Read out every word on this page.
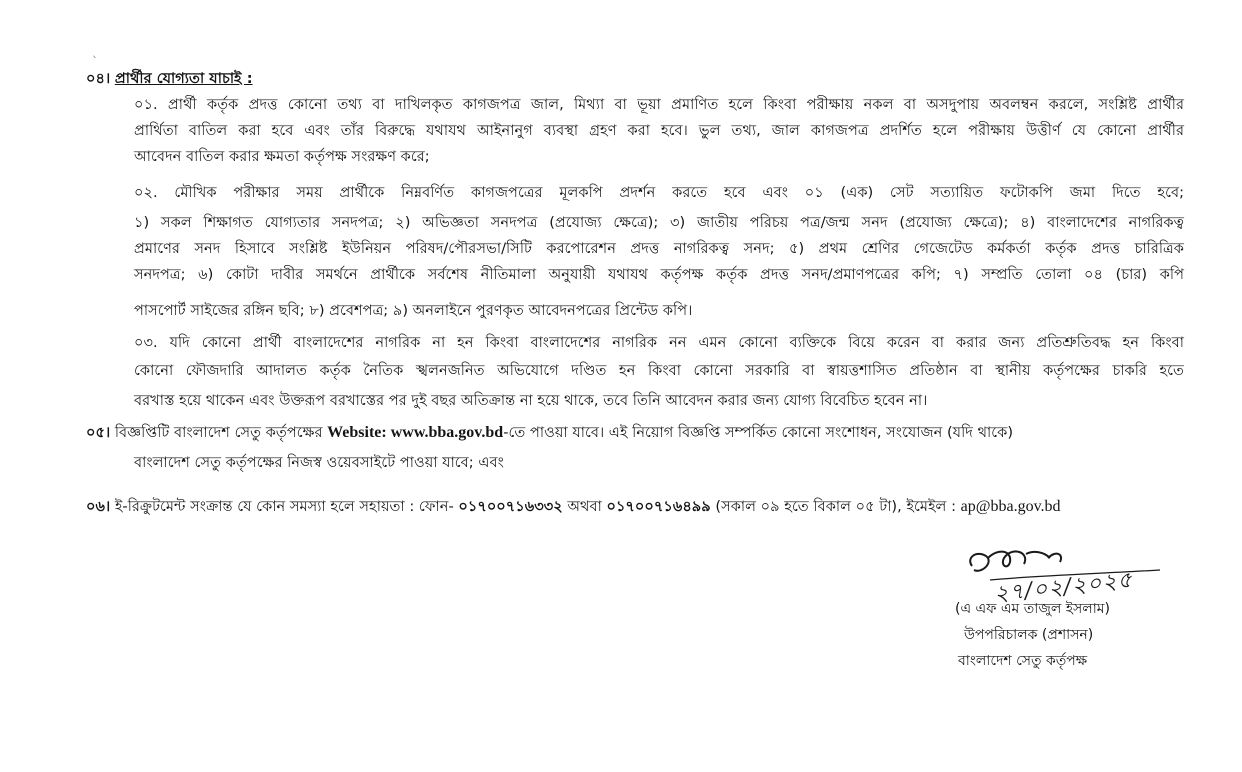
ˎ
০৪। প্রার্থীর যোগ্যতা যাচাই :
০১. প্রার্থী কর্তৃক প্রদত্ত কোনো তথ্য বা দাখিলকৃত কাগজপত্র জাল, মিথ্যা বা ভূয়া প্রমাণিত হলে কিংবা পরীক্ষায় নকল বা অসদুপায় অবলম্বন করলে, সংশ্লিষ্ট প্রার্থীর
প্রার্থিতা বাতিল করা হবে এবং তাঁর বিরুদ্ধে যথাযথ আইনানুগ ব্যবস্থা গ্রহণ করা হবে। ভুল তথ্য, জাল কাগজপত্র প্রদর্শিত হলে পরীক্ষায় উত্তীর্ণ যে কোনো প্রার্থীর
আবেদন বাতিল করার ক্ষমতা কর্তৃপক্ষ সংরক্ষণ করে;
০২. মৌখিক পরীক্ষার সময় প্রার্থীকে নিম্নবর্ণিত কাগজপত্রের মূলকপি প্রদর্শন করতে হবে এবং ০১ (এক) সেট সত্যায়িত ফটোকপি জমা দিতে হবে;
১) সকল শিক্ষাগত যোগ্যতার সনদপত্র; ২) অভিজ্ঞতা সনদপত্র (প্রযোজ্য ক্ষেত্রে); ৩) জাতীয় পরিচয় পত্র/জন্ম সনদ (প্রযোজ্য ক্ষেত্রে); ৪) বাংলাদেশের নাগরিকত্ব
প্রমাণের সনদ হিসাবে সংশ্লিষ্ট ইউনিয়ন পরিষদ/পৌরসভা/সিটি করপোরেশন প্রদত্ত নাগরিকত্ব সনদ; ৫) প্রথম শ্রেণির গেজেটেড কর্মকর্তা কর্তৃক প্রদত্ত চারিত্রিক
সনদপত্র; ৬) কোটা দাবীর সমর্থনে প্রার্থীকে সর্বশেষ নীতিমালা অনুযায়ী যথাযথ কর্তৃপক্ষ কর্তৃক প্রদত্ত সনদ/প্রমাণপত্রের কপি; ৭) সম্প্রতি তোলা ০৪ (চার) কপি
পাসপোর্ট সাইজের রঙ্গিন ছবি; ৮) প্রবেশপত্র; ৯) অনলাইনে পুরণকৃত আবেদনপত্রের প্রিন্টেড কপি।
০৩. যদি কোনো প্রার্থী বাংলাদেশের নাগরিক না হন কিংবা বাংলাদেশের নাগরিক নন এমন কোনো ব্যক্তিকে বিয়ে করেন বা করার জন্য প্রতিশ্রুতিবদ্ধ হন কিংবা
কোনো ফৌজদারি আদালত কর্তৃক নৈতিক স্খলনজনিত অভিযোগে দণ্ডিত হন কিংবা কোনো সরকারি বা স্বায়ত্তশাসিত প্রতিষ্ঠান বা স্থানীয় কর্তৃপক্ষের চাকরি হতে
বরখাস্ত হয়ে থাকেন এবং উক্তরূপ বরখাস্তের পর দুই বছর অতিক্রান্ত না হয়ে থাকে, তবে তিনি আবেদন করার জন্য যোগ্য বিবেচিত হবেন না।
০৫। বিজ্ঞপ্তিটি বাংলাদেশ সেতু কর্তৃপক্ষের Website: www.bba.gov.bd-তে পাওয়া যাবে। এই নিয়োগ বিজ্ঞপ্তি সম্পর্কিত কোনো সংশোধন, সংযোজন (যদি থাকে)
বাংলাদেশ সেতু কর্তৃপক্ষের নিজস্ব ওয়েবসাইটে পাওয়া যাবে; এবং
০৬। ই-রিক্রুটমেন্ট সংক্রান্ত যে কোন সমস্যা হলে সহায়তা : ফোন- ০১৭০০৭১৬৩৩২ অথবা ০১৭০০৭১৬৪৯৯ (সকাল ০৯ হতে বিকাল ০৫ টা), ইমেইল : ap@bba.gov.bd
২৭/০২/২০২৫
(এ এফ এম তাজুল ইসলাম)
উপপরিচালক (প্রশাসন)
বাংলাদেশ সেতু কর্তৃপক্ষ
